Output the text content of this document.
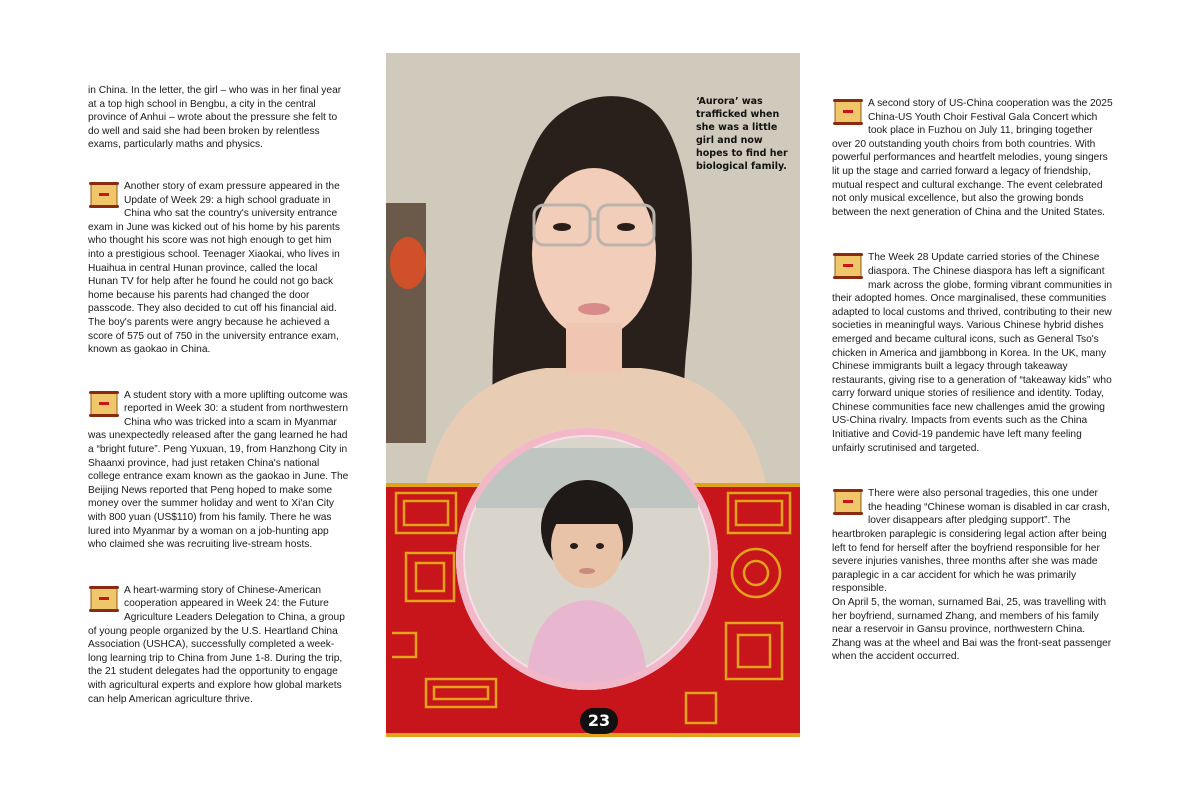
in China. In the letter, the girl – who was in her final year at a top high school in Bengbu, a city in the central province of Anhui – wrote about the pressure she felt to do well and said she had been broken by relentless exams, particularly maths and physics.

Another story of exam pressure appeared in the Update of Week 29: a high school graduate in China who sat the country's university entrance exam in June was kicked out of his home by his parents who thought his score was not high enough to get him into a prestigious school. Teenager Xiaokai, who lives in Huaihua in central Hunan province, called the local Hunan TV for help after he found he could not go back home because his parents had changed the door passcode. They also decided to cut off his financial aid. The boy's parents were angry because he achieved a score of 575 out of 750 in the university entrance exam, known as gaokao in China.

A student story with a more uplifting outcome was reported in Week 30: a student from northwestern China who was tricked into a scam in Myanmar was unexpectedly released after the gang learned he had a “bright future”. Peng Yuxuan, 19, from Hanzhong City in Shaanxi province, had just retaken China's national college entrance exam known as the gaokao in June. The Beijing News reported that Peng hoped to make some money over the summer holiday and went to Xi'an City with 800 yuan (US$110) from his family. There he was lured into Myanmar by a woman on a job-hunting app who claimed she was recruiting live-stream hosts.

A heart-warming story of Chinese-American cooperation appeared in Week 24: the Future Agriculture Leaders Delegation to China, a group of young people organized by the U.S. Heartland China Association (USHCA), successfully completed a week-long learning trip to China from June 1-8. During the trip, the 21 student delegates had the opportunity to engage with agricultural experts and explore how global markets can help American agriculture thrive.

‘Aurora’ was trafficked when she was a little girl and now hopes to find her biological family.
23

A second story of US-China cooperation was the 2025 China-US Youth Choir Festival Gala Concert which took place in Fuzhou on July 11, bringing together over 20 outstanding youth choirs from both countries. With powerful performances and heartfelt melodies, young singers lit up the stage and carried forward a legacy of friendship, mutual respect and cultural exchange. The event celebrated not only musical excellence, but also the growing bonds between the next generation of China and the United States.

The Week 28 Update carried stories of the Chinese diaspora. The Chinese diaspora has left a significant mark across the globe, forming vibrant communities in their adopted homes. Once marginalised, these communities adapted to local customs and thrived, contributing to their new societies in meaningful ways. Various Chinese hybrid dishes emerged and became cultural icons, such as General Tso's chicken in America and jjambbong in Korea. In the UK, many Chinese immigrants built a legacy through takeaway restaurants, giving rise to a generation of “takeaway kids” who carry forward unique stories of resilience and identity. Today, Chinese communities face new challenges amid the growing US-China rivalry. Impacts from events such as the China Initiative and Covid-19 pandemic have left many feeling unfairly scrutinised and targeted.

There were also personal tragedies, this one under the heading “Chinese woman is disabled in car crash, lover disappears after pledging support”. The heartbroken paraplegic is considering legal action after being left to fend for herself after the boyfriend responsible for her severe injuries vanishes, three months after she was made paraplegic in a car accident for which he was primarily responsible.

On April 5, the woman, surnamed Bai, 25, was travelling with her boyfriend, surnamed Zhang, and members of his family near a reservoir in Gansu province, northwestern China. Zhang was at the wheel and Bai was the front-seat passenger when the accident occurred.
